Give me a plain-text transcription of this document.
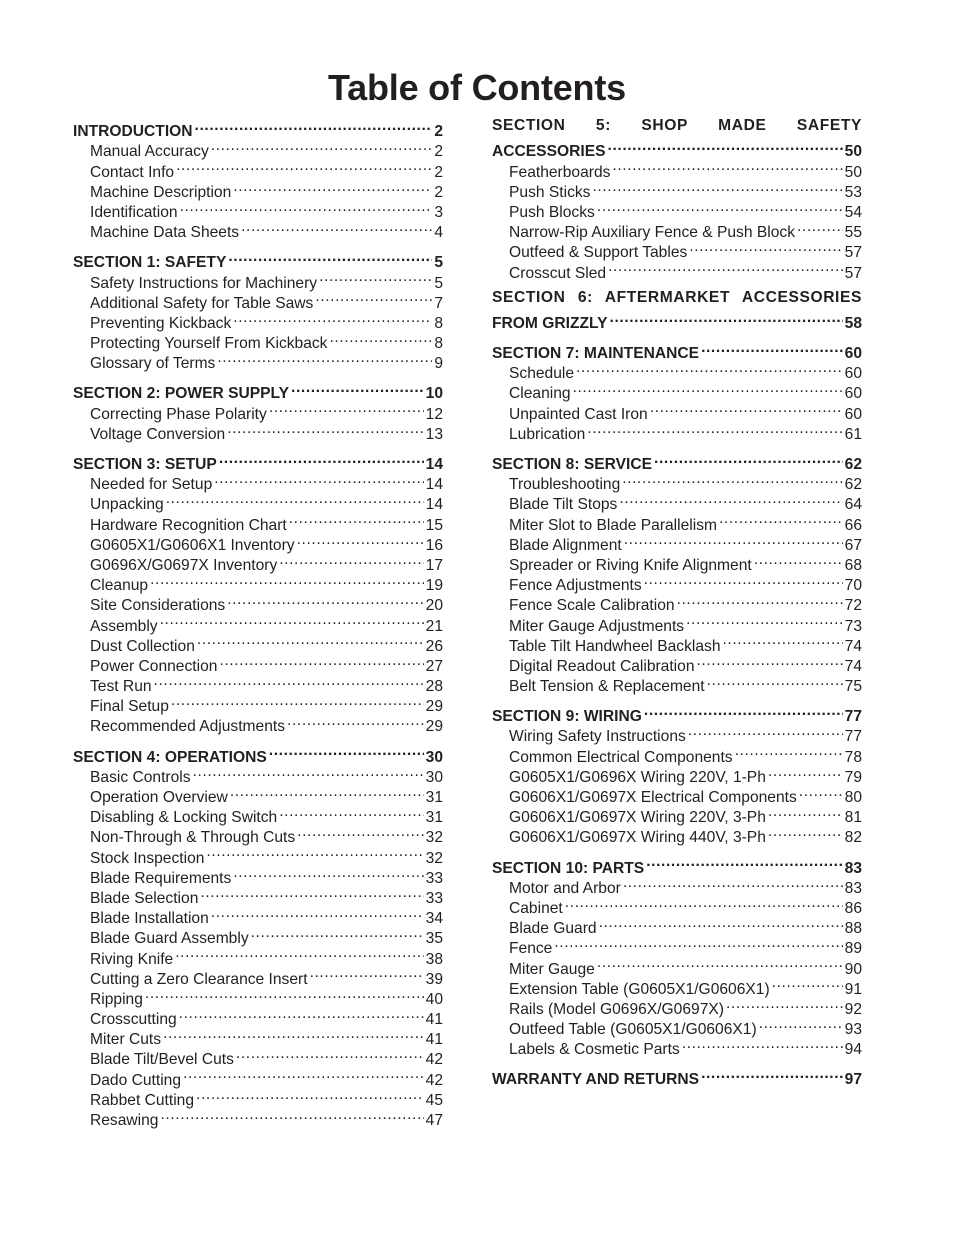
Table of Contents
INTRODUCTION .....	2
Manual Accuracy .....	2
Contact Info .....	2
Machine Description .....	2
Identification .....	3
Machine Data Sheets .....	4
SECTION 1: SAFETY .....	5
Safety Instructions for Machinery .....	5
Additional Safety for Table Saws .....	7
Preventing Kickback .....	8
Protecting Yourself From Kickback .....	8
Glossary of Terms .....	9
SECTION 2: POWER SUPPLY .....	10
Correcting Phase Polarity .....	12
Voltage Conversion .....	13
SECTION 3: SETUP .....	14
Needed for Setup .....	14
Unpacking .....	14
Hardware Recognition Chart .....	15
G0605X1/G0606X1 Inventory .....	16
G0696X/G0697X Inventory .....	17
Cleanup .....	19
Site Considerations .....	20
Assembly .....	21
Dust Collection .....	26
Power Connection .....	27
Test Run .....	28
Final Setup .....	29
Recommended Adjustments .....	29
SECTION 4: OPERATIONS .....	30
Basic Controls .....	30
Operation Overview .....	31
Disabling & Locking Switch .....	31
Non-Through & Through Cuts .....	32
Stock Inspection .....	32
Blade Requirements .....	33
Blade Selection .....	33
Blade Installation .....	34
Blade Guard Assembly .....	35
Riving Knife .....	38
Cutting a Zero Clearance Insert .....	39
Ripping .....	40
Crosscutting .....	41
Miter Cuts .....	41
Blade Tilt/Bevel Cuts .....	42
Dado Cutting .....	42
Rabbet Cutting .....	45
Resawing .....	47
SECTION 5: SHOP MADE SAFETY
ACCESSORIES .....	50
Featherboards .....	50
Push Sticks .....	53
Push Blocks .....	54
Narrow-Rip Auxiliary Fence & Push Block .....	55
Outfeed & Support Tables .....	57
Crosscut Sled .....	57
SECTION 6: AFTERMARKET ACCESSORIES
FROM GRIZZLY .....	58
SECTION 7: MAINTENANCE .....	60
Schedule .....	60
Cleaning .....	60
Unpainted Cast Iron .....	60
Lubrication .....	61
SECTION 8: SERVICE .....	62
Troubleshooting .....	62
Blade Tilt Stops .....	64
Miter Slot to Blade Parallelism .....	66
Blade Alignment .....	67
Spreader or Riving Knife Alignment .....	68
Fence Adjustments .....	70
Fence Scale Calibration .....	72
Miter Gauge Adjustments .....	73
Table Tilt Handwheel Backlash .....	74
Digital Readout Calibration .....	74
Belt Tension & Replacement .....	75
SECTION 9: WIRING .....	77
Wiring Safety Instructions .....	77
Common Electrical Components .....	78
G0605X1/G0696X Wiring 220V, 1-Ph .....	79
G0606X1/G0697X Electrical Components .....	80
G0606X1/G0697X Wiring 220V, 3-Ph .....	81
G0606X1/G0697X Wiring 440V, 3-Ph .....	82
SECTION 10: PARTS .....	83
Motor and Arbor .....	83
Cabinet .....	86
Blade Guard .....	88
Fence .....	89
Miter Gauge .....	90
Extension Table (G0605X1/G0606X1) .....	91
Rails (Model G0696X/G0697X) .....	92
Outfeed Table (G0605X1/G0606X1) .....	93
Labels & Cosmetic Parts .....	94
WARRANTY AND RETURNS .....	97
